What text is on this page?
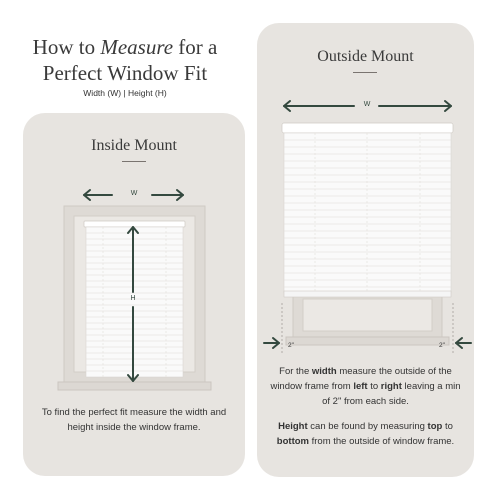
How to Measure for a
Perfect Window Fit
Width (W) | Height (H)
Inside Mount
W
H
To find the perfect fit measure the width and height inside the window frame.
Outside Mount
W
2"	2"
For the width measure the outside of the window frame from left to right leaving a min of 2" from each side.
Height can be found by measuring top to bottom from the outside of window frame.
